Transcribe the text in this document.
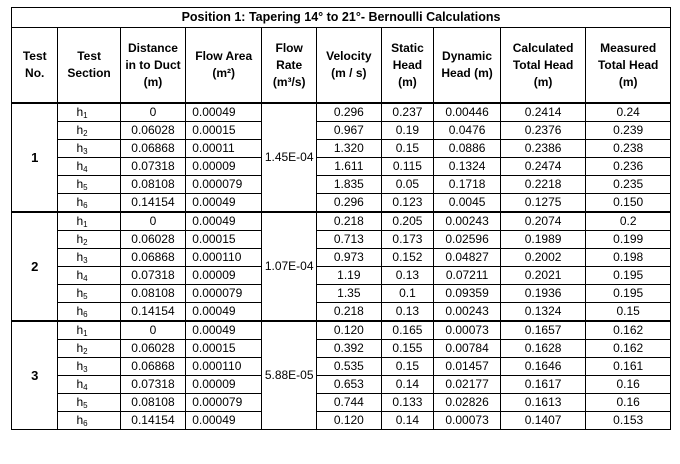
Position 1: Tapering 14° to 21°- Bernoulli Calculations									
Test No.	Test Section	Distance in to Duct (m)	Flow Area (m²)	Flow Rate (m³/s)	Velocity (m / s)	Static Head (m)	Dynamic Head (m)	Calculated Total Head (m)	Measured Total Head (m)
1	$h_1$	0	0.00049	1.45E-04	0.296	0.237	0.00446	0.2414	0.24
	$h_2$	0.06028	0.00015		0.967	0.19	0.0476	0.2376	0.239
	$h_3$	0.06868	0.00011		1.320	0.15	0.0886	0.2386	0.238
	$h_4$	0.07318	0.00009		1.611	0.115	0.1324	0.2474	0.236
	$h_5$	0.08108	0.000079		1.835	0.05	0.1718	0.2218	0.235
	$h_6$	0.14154	0.00049		0.296	0.123	0.0045	0.1275	0.150
2	$h_1$	0	0.00049	1.07E-04	0.218	0.205	0.00243	0.2074	0.2
	$h_2$	0.06028	0.00015		0.713	0.173	0.02596	0.1989	0.199
	$h_3$	0.06868	0.000110		0.973	0.152	0.04827	0.2002	0.198
	$h_4$	0.07318	0.00009		1.19	0.13	0.07211	0.2021	0.195
	$h_5$	0.08108	0.000079		1.35	0.1	0.09359	0.1936	0.195
	$h_6$	0.14154	0.00049		0.218	0.13	0.00243	0.1324	0.15
3	$h_1$	0	0.00049	5.88E-05	0.120	0.165	0.00073	0.1657	0.162
	$h_2$	0.06028	0.00015		0.392	0.155	0.00784	0.1628	0.162
	$h_3$	0.06868	0.000110		0.535	0.15	0.01457	0.1646	0.161
	$h_4$	0.07318	0.00009		0.653	0.14	0.02177	0.1617	0.16
	$h_5$	0.08108	0.000079		0.744	0.133	0.02826	0.1613	0.16
	$h_6$	0.14154	0.00049		0.120	0.14	0.00073	0.1407	0.153
